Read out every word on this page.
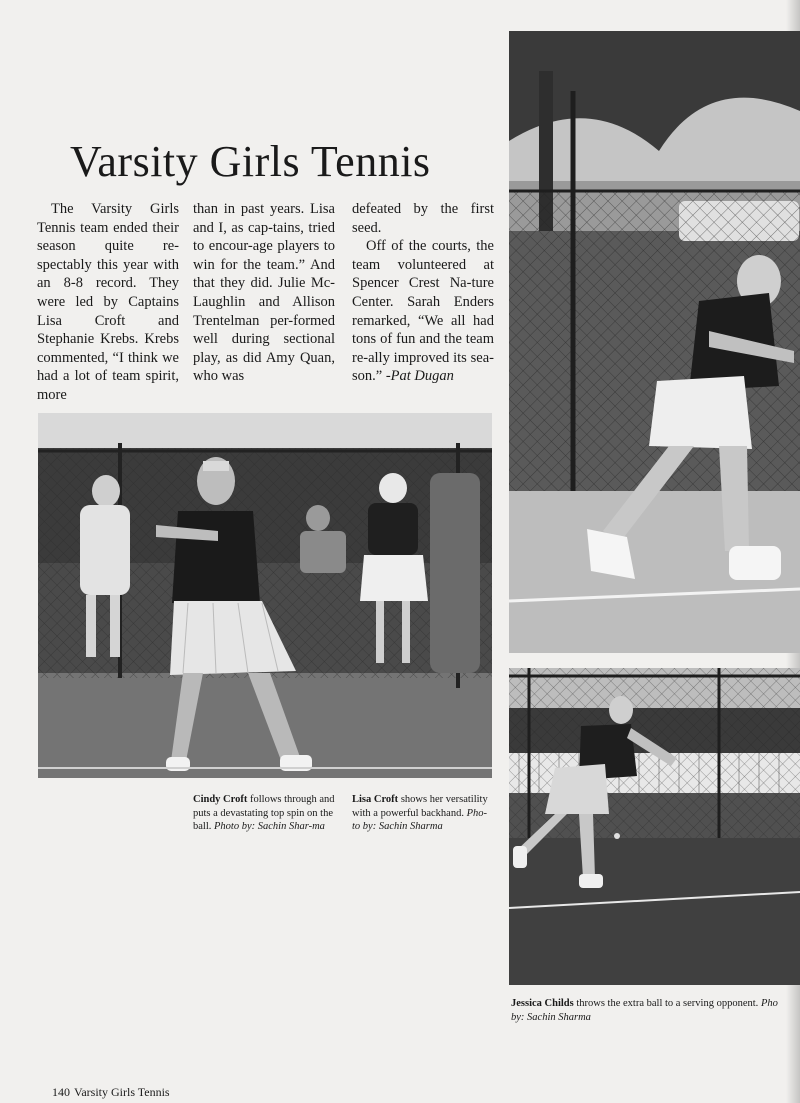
Varsity Girls Tennis

The Varsity Girls Tennis team ended their season quite re-spectably this year with an 8-8 record. They were led by Captains Lisa Croft and Stephanie Krebs. Krebs commented, “I think we had a lot of team spirit, more

than in past years. Lisa and I, as cap-tains, tried to encour-age players to win for the team.” And that they did. Julie Mc-Laughlin and Allison Trentelman per-formed well during sectional play, as did Amy Quan, who was

defeated by the first seed.

Off of the courts, the team volunteered at Spencer Crest Na-ture Center. Sarah Enders remarked, “We all had tons of fun and the team re-ally improved its sea-son.” -Pat Dugan

Cindy Croft follows through and puts a devastating top spin on the ball. Photo by: Sachin Shar-ma

Lisa Croft shows her versatility with a powerful backhand. Pho-to by: Sachin Sharma

Jessica Childs throws the extra ball to a serving opponent. Pho
by: Sachin Sharma

140 Varsity Girls Tennis
